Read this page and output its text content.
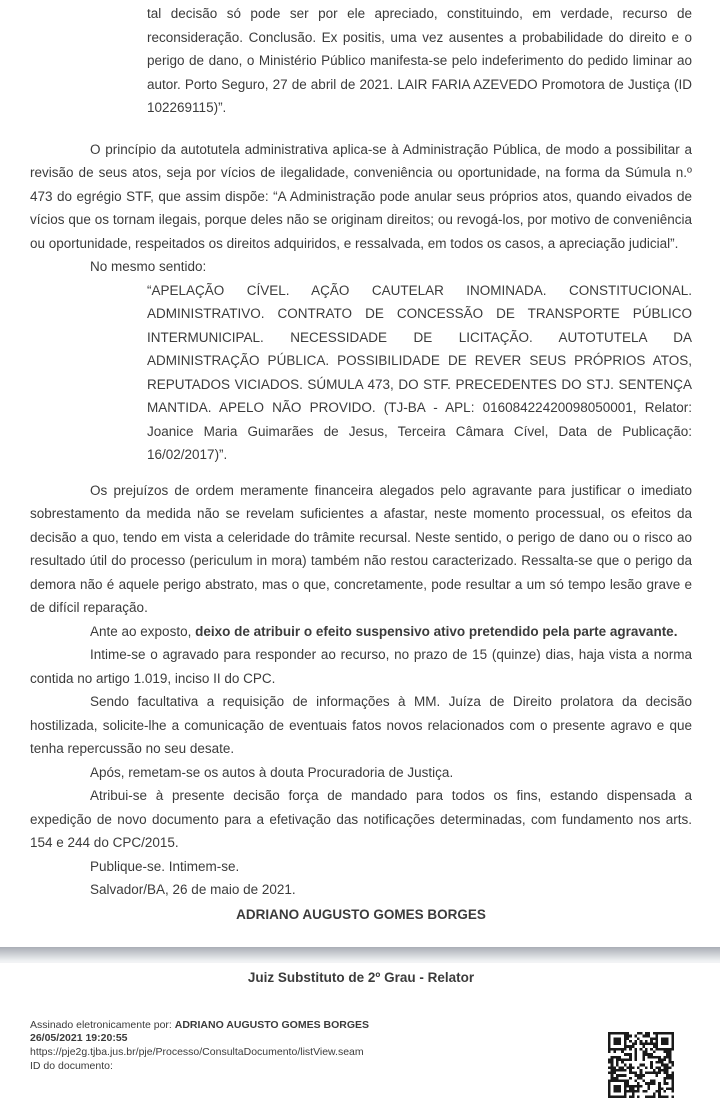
tal decisão só pode ser por ele apreciado, constituindo, em verdade, recurso de reconsideração. Conclusão. Ex positis, uma vez ausentes a probabilidade do direito e o perigo de dano, o Ministério Público manifesta-se pelo indeferimento do pedido liminar ao autor. Porto Seguro, 27 de abril de 2021. LAIR FARIA AZEVEDO Promotora de Justiça (ID 102269115)”.

O princípio da autotutela administrativa aplica-se à Administração Pública, de modo a possibilitar a revisão de seus atos, seja por vícios de ilegalidade, conveniência ou oportunidade, na forma da Súmula n.º 473 do egrégio STF, que assim dispõe: “A Administração pode anular seus próprios atos, quando eivados de vícios que os tornam ilegais, porque deles não se originam direitos; ou revogá-los, por motivo de conveniência ou oportunidade, respeitados os direitos adquiridos, e ressalvada, em todos os casos, a apreciação judicial”.

No mesmo sentido:

“APELAÇÃO CÍVEL. AÇÃO CAUTELAR INOMINADA. CONSTITUCIONAL. ADMINISTRATIVO. CONTRATO DE CONCESSÃO DE TRANSPORTE PÚBLICO INTERMUNICIPAL. NECESSIDADE DE LICITAÇÃO. AUTOTUTELA DA ADMINISTRAÇÃO PÚBLICA. POSSIBILIDADE DE REVER SEUS PRÓPRIOS ATOS, REPUTADOS VICIADOS. SÚMULA 473, DO STF. PRECEDENTES DO STJ. SENTENÇA MANTIDA. APELO NÃO PROVIDO. (TJ-BA - APL: 01608422420098050001, Relator: Joanice Maria Guimarães de Jesus, Terceira Câmara Cível, Data de Publicação: 16/02/2017)”.

Os prejuízos de ordem meramente financeira alegados pelo agravante para justificar o imediato sobrestamento da medida não se revelam suficientes a afastar, neste momento processual, os efeitos da decisão a quo, tendo em vista a celeridade do trâmite recursal. Neste sentido, o perigo de dano ou o risco ao resultado útil do processo (periculum in mora) também não restou caracterizado. Ressalta-se que o perigo da demora não é aquele perigo abstrato, mas o que, concretamente, pode resultar a um só tempo lesão grave e de difícil reparação.

Ante ao exposto, deixo de atribuir o efeito suspensivo ativo pretendido pela parte agravante.

Intime-se o agravado para responder ao recurso, no prazo de 15 (quinze) dias, haja vista a norma contida no artigo 1.019, inciso II do CPC.

Sendo facultativa a requisição de informações à MM. Juíza de Direito prolatora da decisão hostilizada, solicite-lhe a comunicação de eventuais fatos novos relacionados com o presente agravo e que tenha repercussão no seu desate.

Após, remetam-se os autos à douta Procuradoria de Justiça.

Atribui-se à presente decisão força de mandado para todos os fins, estando dispensada a expedição de novo documento para a efetivação das notificações determinadas, com fundamento nos arts. 154 e 244 do CPC/2015.

Publique-se. Intimem-se.

Salvador/BA, 26 de maio de 2021.

ADRIANO AUGUSTO GOMES BORGES

Juiz Substituto de 2º Grau - Relator

Assinado eletronicamente por: ADRIANO AUGUSTO GOMES BORGES
26/05/2021 19:20:55
https://pje2g.tjba.jus.br/pje/Processo/ConsultaDocumento/listView.seam
ID do documento:
